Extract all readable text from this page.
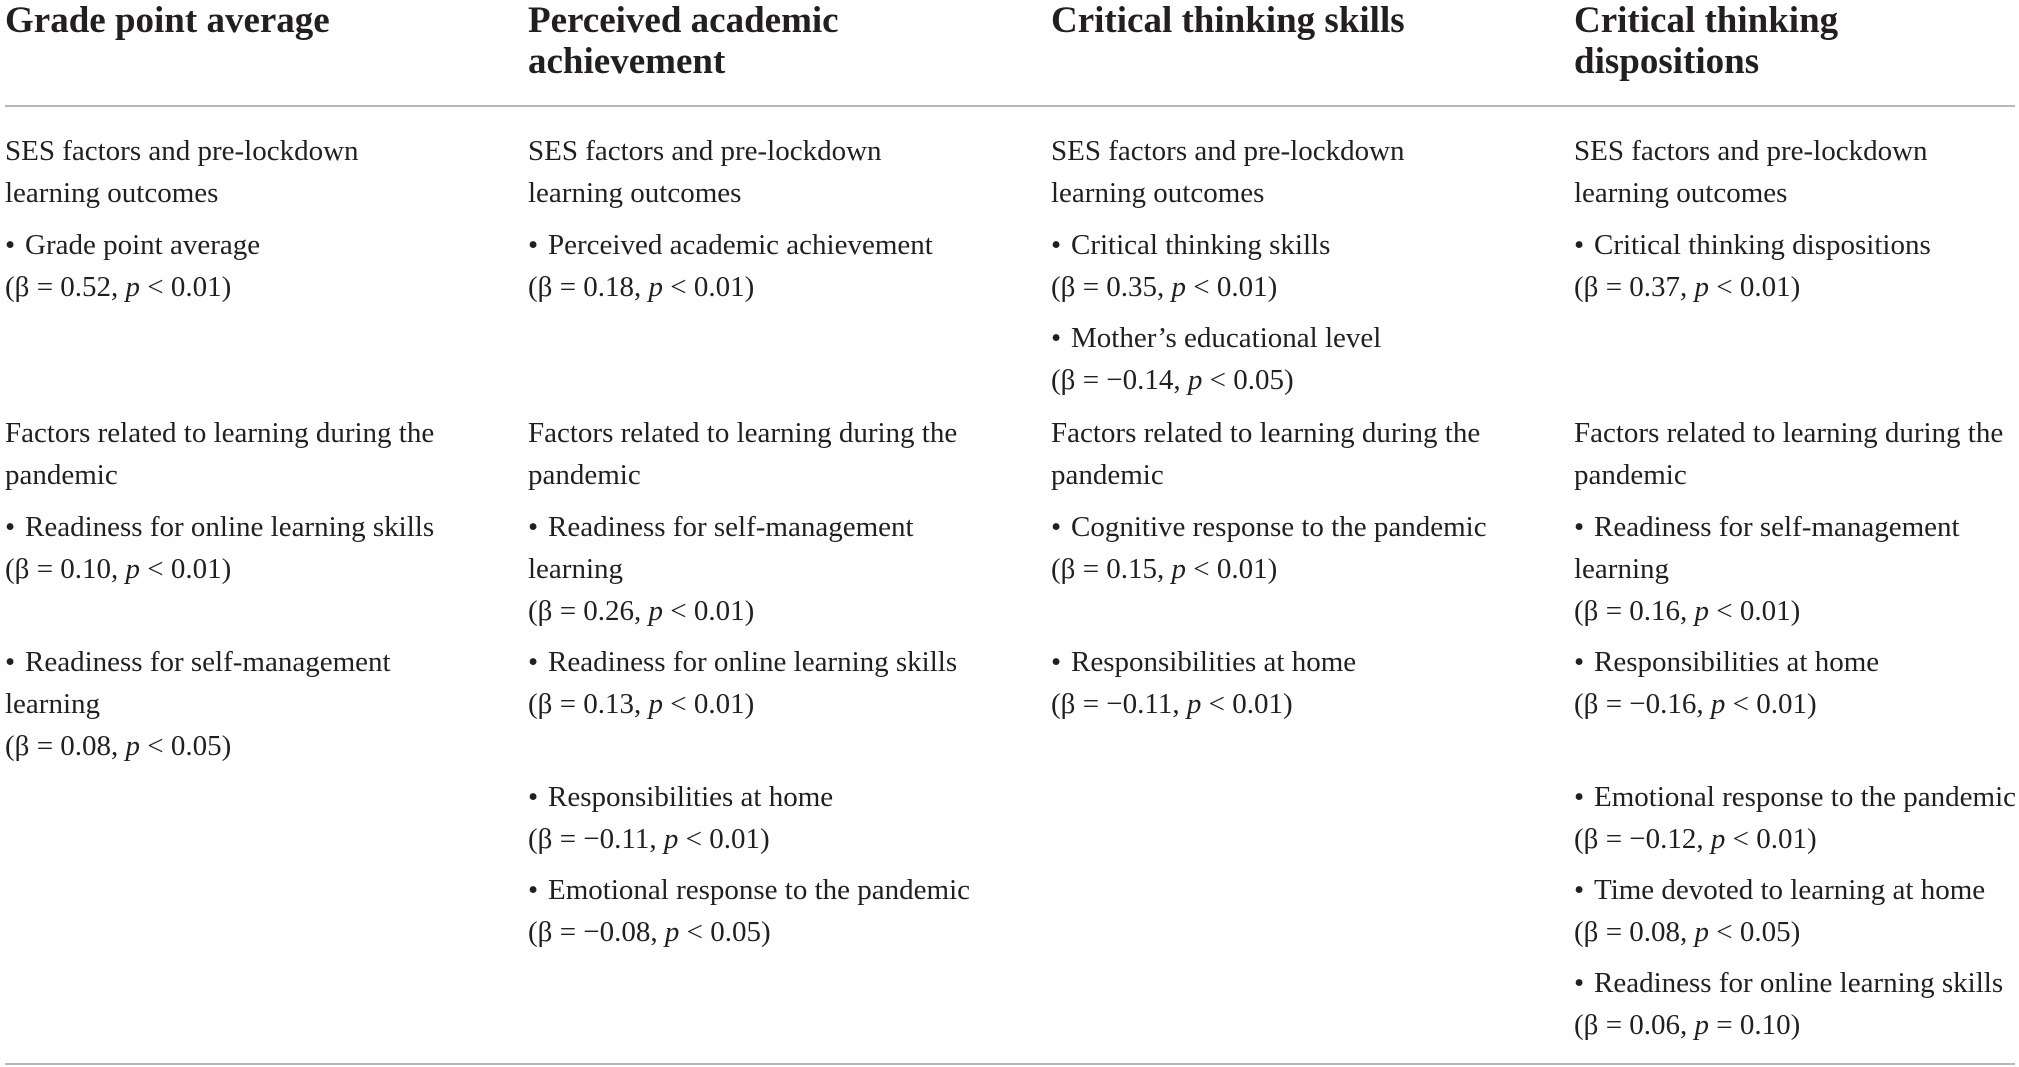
Grade point average	Perceived academic achievement
Critical thinking skills	Critical thinking dispositions
SES factors and pre-lockdown learning outcomes
• Grade point average
(β = 0.52, p < 0.01)
Factors related to learning during the pandemic
• Readiness for online learning skills
(β = 0.10, p < 0.01)
• Readiness for self-management learning
(β = 0.08, p < 0.05)
SES factors and pre-lockdown learning outcomes
• Perceived academic achievement
(β = 0.18, p < 0.01)
Factors related to learning during the pandemic
• Readiness for self-management learning
(β = 0.26, p < 0.01)
• Readiness for online learning skills
(β = 0.13, p < 0.01)
• Responsibilities at home
(β = −0.11, p < 0.01)
• Emotional response to the pandemic
(β = −0.08, p < 0.05)
SES factors and pre-lockdown learning outcomes
• Critical thinking skills
(β = 0.35, p < 0.01)
• Mother’s educational level
(β = −0.14, p < 0.05)
Factors related to learning during the pandemic
• Cognitive response to the pandemic
(β = 0.15, p < 0.01)
• Responsibilities at home
(β = −0.11, p < 0.01)
SES factors and pre-lockdown learning outcomes
• Critical thinking dispositions
(β = 0.37, p < 0.01)
Factors related to learning during the pandemic
• Readiness for self-management learning
(β = 0.16, p < 0.01)
• Responsibilities at home
(β = −0.16, p < 0.01)
• Emotional response to the pandemic
(β = −0.12, p < 0.01)
• Time devoted to learning at home
(β = 0.08, p < 0.05)
• Readiness for online learning skills
(β = 0.06, p = 0.10)
